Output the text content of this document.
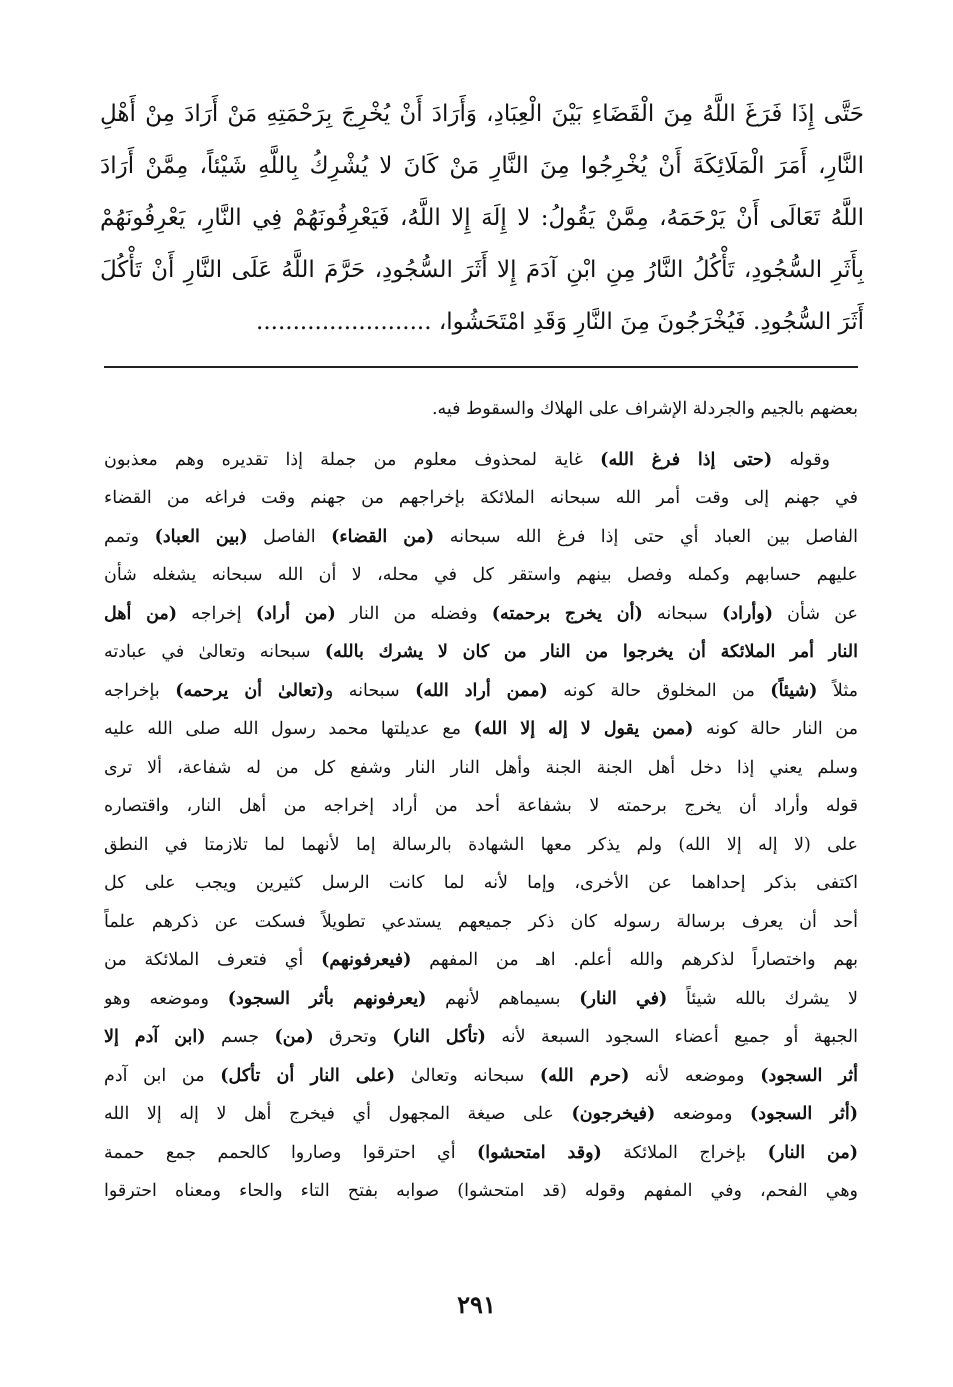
حَتَّى إِذَا فَرَغَ اللَّهُ مِنَ الْقَضَاءِ بَيْنَ الْعِبَادِ، وَأَرَادَ أَنْ يُخْرِجَ بِرَحْمَتِهِ مَنْ أَرَادَ مِنْ أَهْلِ
النَّارِ، أَمَرَ الْمَلَائِكَةَ أَنْ يُخْرِجُوا مِنَ النَّارِ مَنْ كَانَ لا يُشْرِكُ بِاللَّهِ شَيْئاً، مِمَّنْ أَرَادَ
اللَّهُ تَعَالَى أَنْ يَرْحَمَهُ، مِمَّنْ يَقُولُ: لا إِلَهَ إِلا اللَّهُ، فَيَعْرِفُونَهُمْ فِي النَّارِ، يَعْرِفُونَهُمْ
بِأَثَرِ السُّجُودِ، تَأْكُلُ النَّارُ مِنِ ابْنِ آدَمَ إِلا أَثَرَ السُّجُودِ، حَرَّمَ اللَّهُ عَلَى النَّارِ أَنْ تَأْكُلَ
أَثَرَ السُّجُودِ. فَيُخْرَجُونَ مِنَ النَّارِ وَقَدِ امْتَحَشُوا، ........................

بعضهم بالجيم والجردلة الإشراف على الهلاك والسقوط فيه.

وقوله (حتى إذا فرغ الله) غاية لمحذوف معلوم من جملة إذا تقديره وهم معذبون
في جهنم إلى وقت أمر الله سبحانه الملائكة بإخراجهم من جهنم وقت فراغه من القضاء
الفاصل بين العباد أي حتى إذا فرغ الله سبحانه (من القضاء) الفاصل (بين العباد) وتمم
عليهم حسابهم وكمله وفصل بينهم واستقر كل في محله، لا أن الله سبحانه يشغله شأن
عن شأن (وأراد) سبحانه (أن يخرج برحمته) وفضله من النار (من أراد) إخراجه (من أهل
النار أمر الملائكة أن يخرجوا من النار من كان لا يشرك بالله) سبحانه وتعالىٰ في عبادته
مثلاً (شيئاً) من المخلوق حالة كونه (ممن أراد الله) سبحانه و(تعالىٰ أن يرحمه) بإخراجه
من النار حالة كونه (ممن يقول لا إله إلا الله) مع عديلتها محمد رسول الله صلى الله عليه
وسلم يعني إذا دخل أهل الجنة الجنة وأهل النار النار وشفع كل من له شفاعة، ألا ترى
قوله وأراد أن يخرج برحمته لا بشفاعة أحد من أراد إخراجه من أهل النار، واقتصاره
على (لا إله إلا الله) ولم يذكر معها الشهادة بالرسالة إما لأنهما لما تلازمتا في النطق
اكتفى بذكر إحداهما عن الأخرى، وإما لأنه لما كانت الرسل كثيرين ويجب على كل
أحد أن يعرف برسالة رسوله كان ذكر جميعهم يستدعي تطويلاً فسكت عن ذكرهم علماً
بهم واختصاراً لذكرهم والله أعلم. اهـ من المفهم (فيعرفونهم) أي فتعرف الملائكة من
لا يشرك بالله شيئاً (في النار) بسيماهم لأنهم (يعرفونهم بأثر السجود) وموضعه وهو
الجبهة أو جميع أعضاء السجود السبعة لأنه (تأكل النار) وتحرق (من) جسم (ابن آدم إلا
أثر السجود) وموضعه لأنه (حرم الله) سبحانه وتعالىٰ (على النار أن تأكل) من ابن آدم
(أثر السجود) وموضعه (فيخرجون) على صيغة المجهول أي فيخرج أهل لا إله إلا الله
(من النار) بإخراج الملائكة (وقد امتحشوا) أي احترقوا وصاروا كالحمم جمع حممة
وهي الفحم، وفي المفهم وقوله (قد امتحشوا) صوابه بفتح التاء والحاء ومعناه احترقوا

٢٩١
